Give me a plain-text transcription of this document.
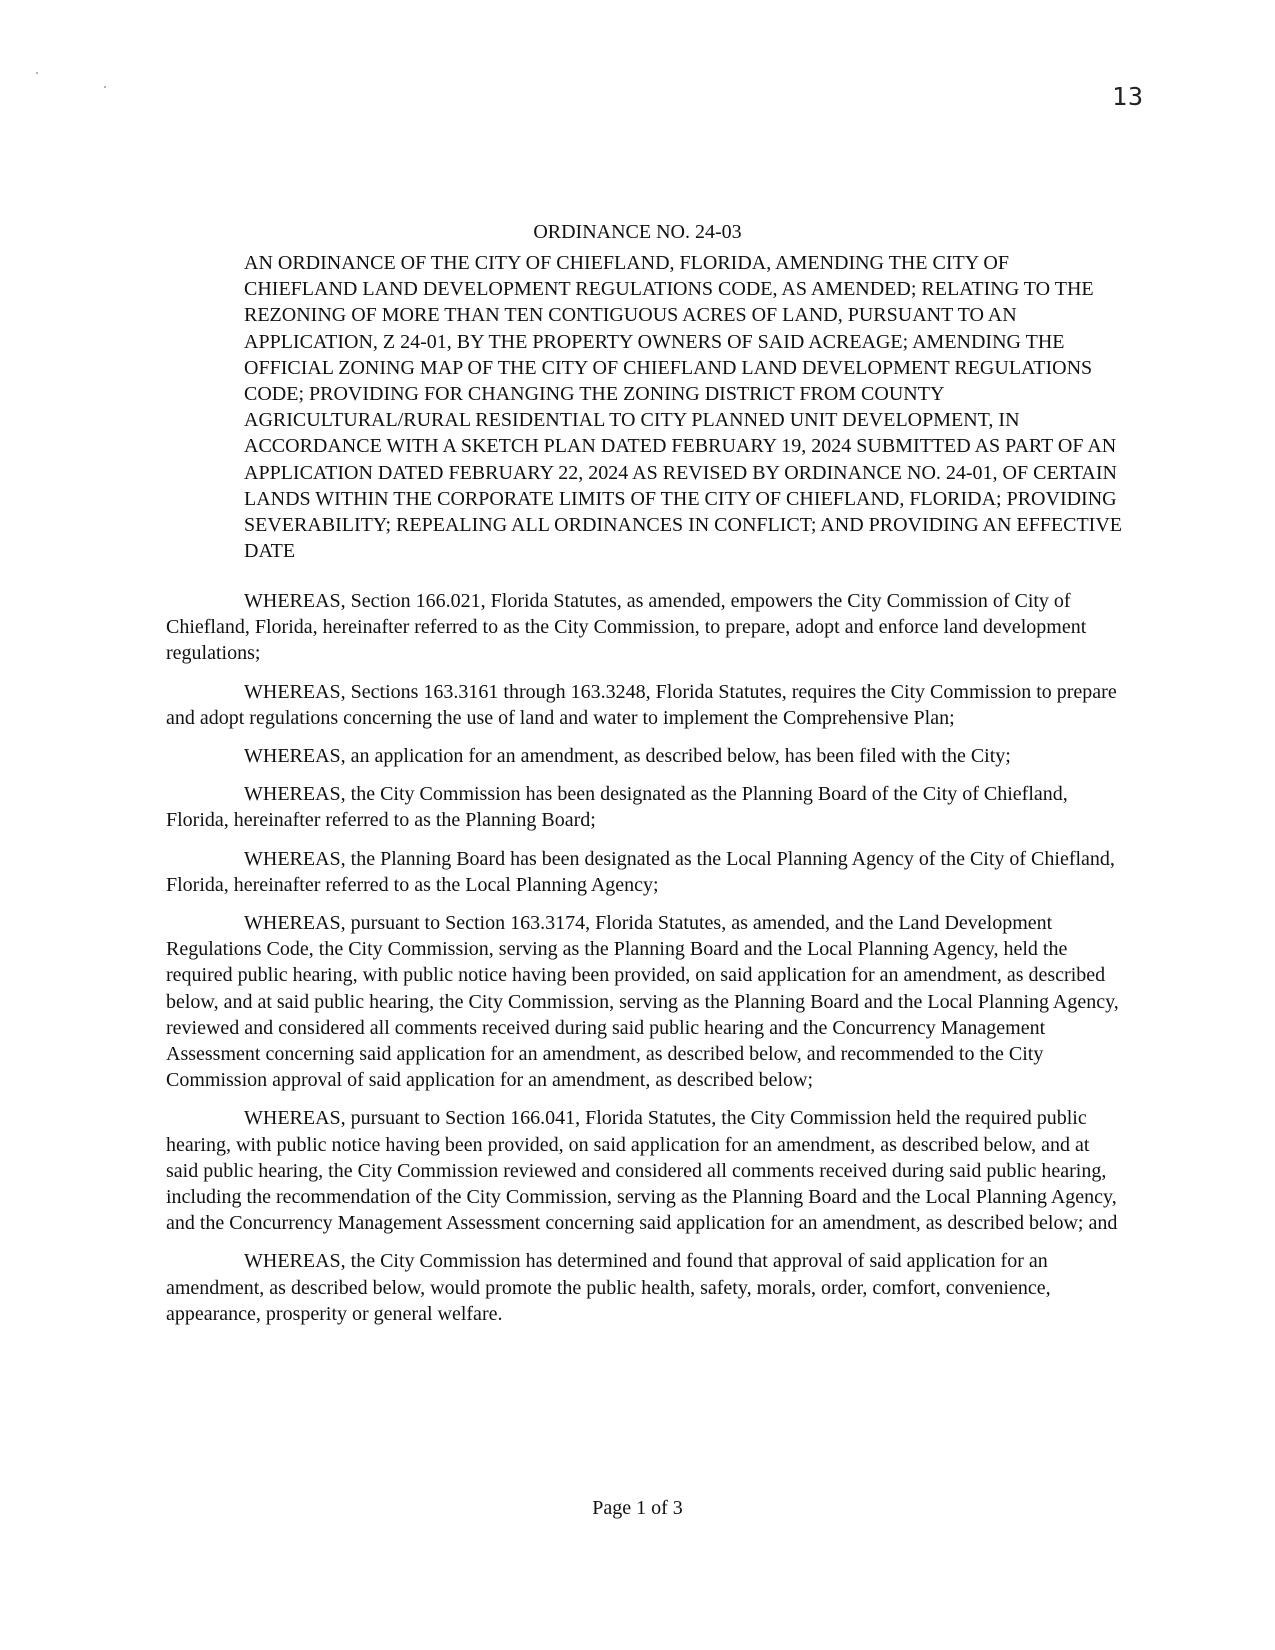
13
ORDINANCE NO. 24-03
AN ORDINANCE OF THE CITY OF CHIEFLAND, FLORIDA, AMENDING THE CITY OF CHIEFLAND LAND DEVELOPMENT REGULATIONS CODE, AS AMENDED; RELATING TO THE REZONING OF MORE THAN TEN CONTIGUOUS ACRES OF LAND, PURSUANT TO AN APPLICATION, Z 24-01, BY THE PROPERTY OWNERS OF SAID ACREAGE; AMENDING THE OFFICIAL ZONING MAP OF THE CITY OF CHIEFLAND LAND DEVELOPMENT REGULATIONS CODE; PROVIDING FOR CHANGING THE ZONING DISTRICT FROM COUNTY AGRICULTURAL/RURAL RESIDENTIAL TO CITY PLANNED UNIT DEVELOPMENT, IN ACCORDANCE WITH A SKETCH PLAN DATED FEBRUARY 19, 2024 SUBMITTED AS PART OF AN APPLICATION DATED FEBRUARY 22, 2024 AS REVISED BY ORDINANCE NO. 24-01, OF CERTAIN LANDS WITHIN THE CORPORATE LIMITS OF THE CITY OF CHIEFLAND, FLORIDA; PROVIDING SEVERABILITY; REPEALING ALL ORDINANCES IN CONFLICT; AND PROVIDING AN EFFECTIVE DATE

WHEREAS, Section 166.021, Florida Statutes, as amended, empowers the City Commission of City of Chiefland, Florida, hereinafter referred to as the City Commission, to prepare, adopt and enforce land development regulations;

WHEREAS, Sections 163.3161 through 163.3248, Florida Statutes, requires the City Commission to prepare and adopt regulations concerning the use of land and water to implement the Comprehensive Plan;

WHEREAS, an application for an amendment, as described below, has been filed with the City;

WHEREAS, the City Commission has been designated as the Planning Board of the City of Chiefland, Florida, hereinafter referred to as the Planning Board;

WHEREAS, the Planning Board has been designated as the Local Planning Agency of the City of Chiefland, Florida, hereinafter referred to as the Local Planning Agency;

WHEREAS, pursuant to Section 163.3174, Florida Statutes, as amended, and the Land Development Regulations Code, the City Commission, serving as the Planning Board and the Local Planning Agency, held the required public hearing, with public notice having been provided, on said application for an amendment, as described below, and at said public hearing, the City Commission, serving as the Planning Board and the Local Planning Agency, reviewed and considered all comments received during said public hearing and the Concurrency Management Assessment concerning said application for an amendment, as described below, and recommended to the City Commission approval of said application for an amendment, as described below;

WHEREAS, pursuant to Section 166.041, Florida Statutes, the City Commission held the required public hearing, with public notice having been provided, on said application for an amendment, as described below, and at said public hearing, the City Commission reviewed and considered all comments received during said public hearing, including the recommendation of the City Commission, serving as the Planning Board and the Local Planning Agency, and the Concurrency Management Assessment concerning said application for an amendment, as described below; and

WHEREAS, the City Commission has determined and found that approval of said application for an amendment, as described below, would promote the public health, safety, morals, order, comfort, convenience, appearance, prosperity or general welfare.

Page 1 of 3
